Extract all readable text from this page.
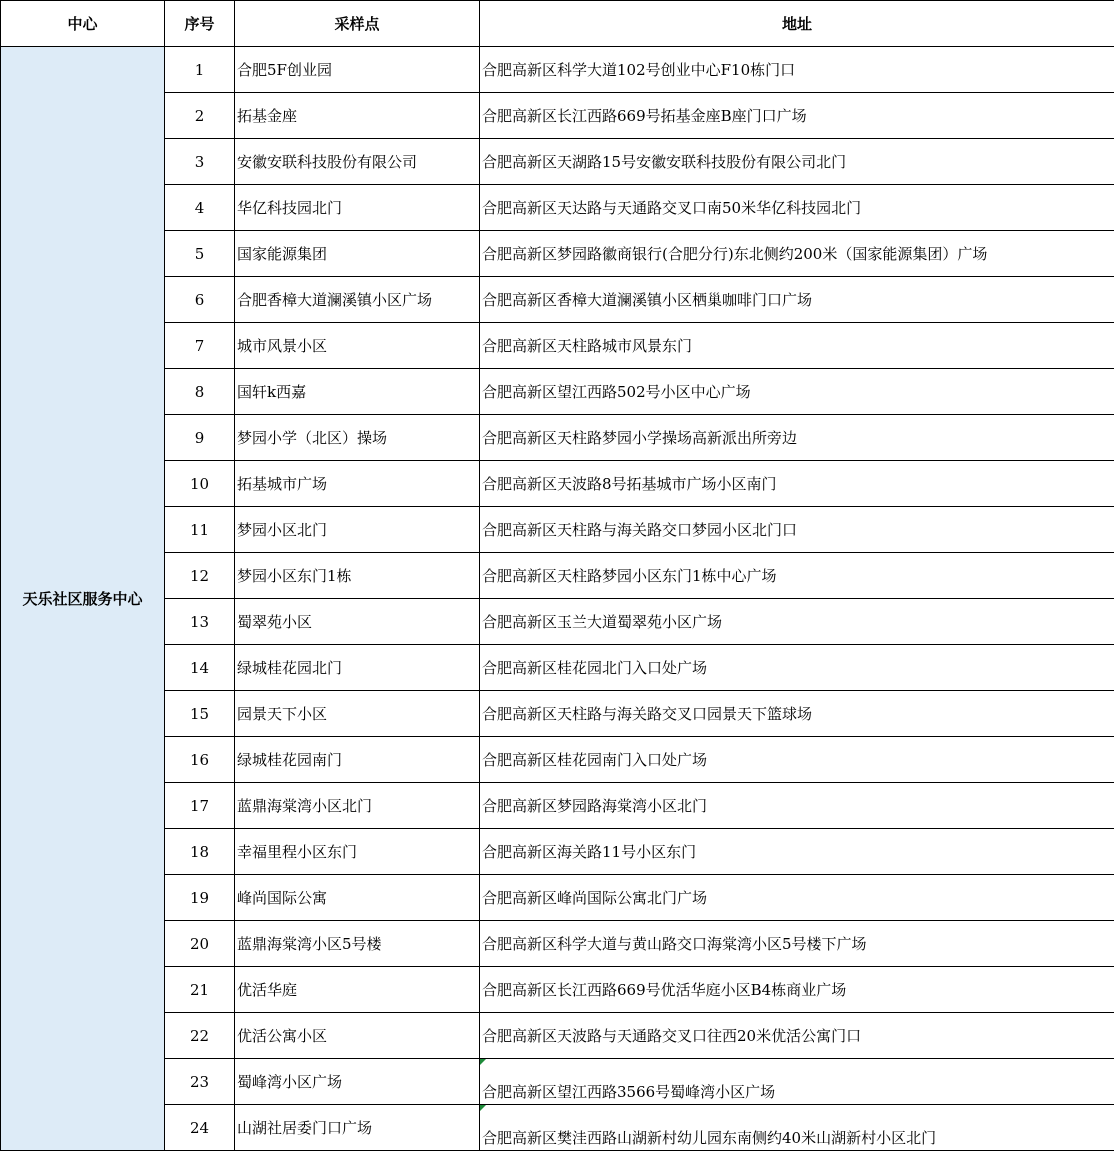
中心	序号	采样点	地址
天乐社区服务中心	1	合肥5F创业园	合肥高新区科学大道102号创业中心F10栋门口
	2	拓基金座	合肥高新区长江西路669号拓基金座B座门口广场
	3	安徽安联科技股份有限公司	合肥高新区天湖路15号安徽安联科技股份有限公司北门
	4	华亿科技园北门	合肥高新区天达路与天通路交叉口南50米华亿科技园北门
	5	国家能源集团	合肥高新区梦园路徽商银行(合肥分行)东北侧约200米（国家能源集团）广场
	6	合肥香樟大道澜溪镇小区广场	合肥高新区香樟大道澜溪镇小区栖巢咖啡门口广场
	7	城市风景小区	合肥高新区天柱路城市风景东门
	8	国轩k西嘉	合肥高新区望江西路502号小区中心广场
	9	梦园小学（北区）操场	合肥高新区天柱路梦园小学操场高新派出所旁边
	10	拓基城市广场	合肥高新区天波路8号拓基城市广场小区南门
	11	梦园小区北门	合肥高新区天柱路与海关路交口梦园小区北门口
	12	梦园小区东门1栋	合肥高新区天柱路梦园小区东门1栋中心广场
	13	蜀翠苑小区	合肥高新区玉兰大道蜀翠苑小区广场
	14	绿城桂花园北门	合肥高新区桂花园北门入口处广场
	15	园景天下小区	合肥高新区天柱路与海关路交叉口园景天下篮球场
	16	绿城桂花园南门	合肥高新区桂花园南门入口处广场
	17	蓝鼎海棠湾小区北门	合肥高新区梦园路海棠湾小区北门
	18	幸福里程小区东门	合肥高新区海关路11号小区东门
	19	峰尚国际公寓	合肥高新区峰尚国际公寓北门广场
	20	蓝鼎海棠湾小区5号楼	合肥高新区科学大道与黄山路交口海棠湾小区5号楼下广场
	21	优活华庭	合肥高新区长江西路669号优活华庭小区B4栋商业广场
	22	优活公寓小区	合肥高新区天波路与天通路交叉口往西20米优活公寓门口
	23	蜀峰湾小区广场	合肥高新区望江西路3566号蜀峰湾小区广场
	24	山湖社居委门口广场	合肥高新区樊洼西路山湖新村幼儿园东南侧约40米山湖新村小区北门
